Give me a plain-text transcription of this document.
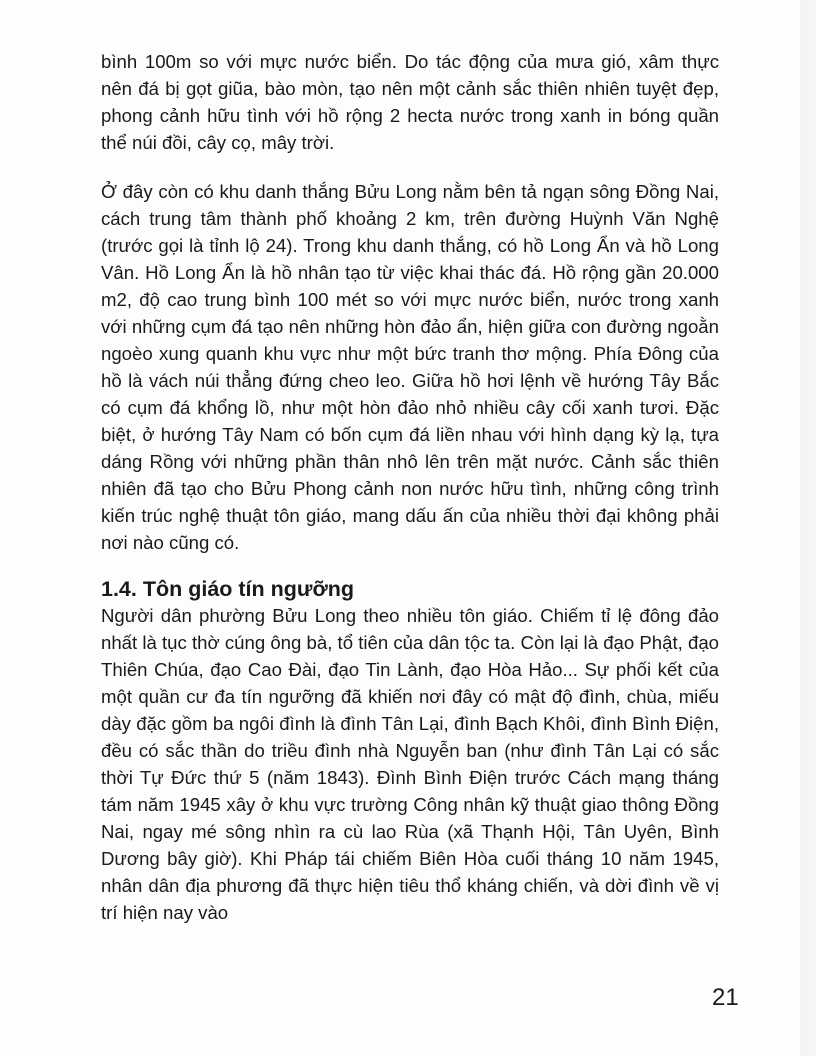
bình 100m so với mực nước biển. Do tác động của mưa gió, xâm thực nên đá bị gọt giũa, bào mòn, tạo nên một cảnh sắc thiên nhiên tuyệt đẹp, phong cảnh hữu tình với hồ rộng 2 hecta nước trong xanh in bóng quần thể núi đồi, cây cọ, mây trời.

Ở đây còn có khu danh thắng Bửu Long nằm bên tả ngạn sông Đồng Nai, cách trung tâm thành phố khoảng 2 km, trên đường Huỳnh Văn Nghệ (trước gọi là tỉnh lộ 24). Trong khu danh thắng, có hồ Long Ẩn và hồ Long Vân. Hồ Long Ẩn là hồ nhân tạo từ việc khai thác đá. Hồ rộng gần 20.000 m2, độ cao trung bình 100 mét so với mực nước biển, nước trong xanh với những cụm đá tạo nên những hòn đảo ẩn, hiện giữa con đường ngoằn ngoèo xung quanh khu vực như một bức tranh thơ mộng. Phía Đông của hồ là vách núi thẳng đứng cheo leo. Giữa hồ hơi lệnh về hướng Tây Bắc có cụm đá khổng lồ, như một hòn đảo nhỏ nhiều cây cối xanh tươi. Đặc biệt, ở hướng Tây Nam có bốn cụm đá liền nhau với hình dạng kỳ lạ, tựa dáng Rồng với những phần thân nhô lên trên mặt nước. Cảnh sắc thiên nhiên đã tạo cho Bửu Phong cảnh non nước hữu tình, những công trình kiến trúc nghệ thuật tôn giáo, mang dấu ấn của nhiều thời đại không phải nơi nào cũng có.

1.4. Tôn giáo tín ngưỡng

Người dân phường Bửu Long theo nhiều tôn giáo. Chiếm tỉ lệ đông đảo nhất là tục thờ cúng ông bà, tổ tiên của dân tộc ta. Còn lại là đạo Phật, đạo Thiên Chúa, đạo Cao Đài, đạo Tin Lành, đạo Hòa Hảo... Sự phối kết của một quần cư đa tín ngưỡng đã khiến nơi đây có mật độ đình, chùa, miếu dày đặc gồm ba ngôi đình là đình Tân Lại, đình Bạch Khôi, đình Bình Điện, đều có sắc thần do triều đình nhà Nguyễn ban (như đình Tân Lại có sắc thời Tự Đức thứ 5 (năm 1843). Đình Bình Điện trước Cách mạng tháng tám năm 1945 xây ở khu vực trường Công nhân kỹ thuật giao thông Đồng Nai, ngay mé sông nhìn ra cù lao Rùa (xã Thạnh Hội, Tân Uyên, Bình Dương bây giờ). Khi Pháp tái chiếm Biên Hòa cuối tháng 10 năm 1945, nhân dân địa phương đã thực hiện tiêu thổ kháng chiến, và dời đình về vị trí hiện nay vào

21
